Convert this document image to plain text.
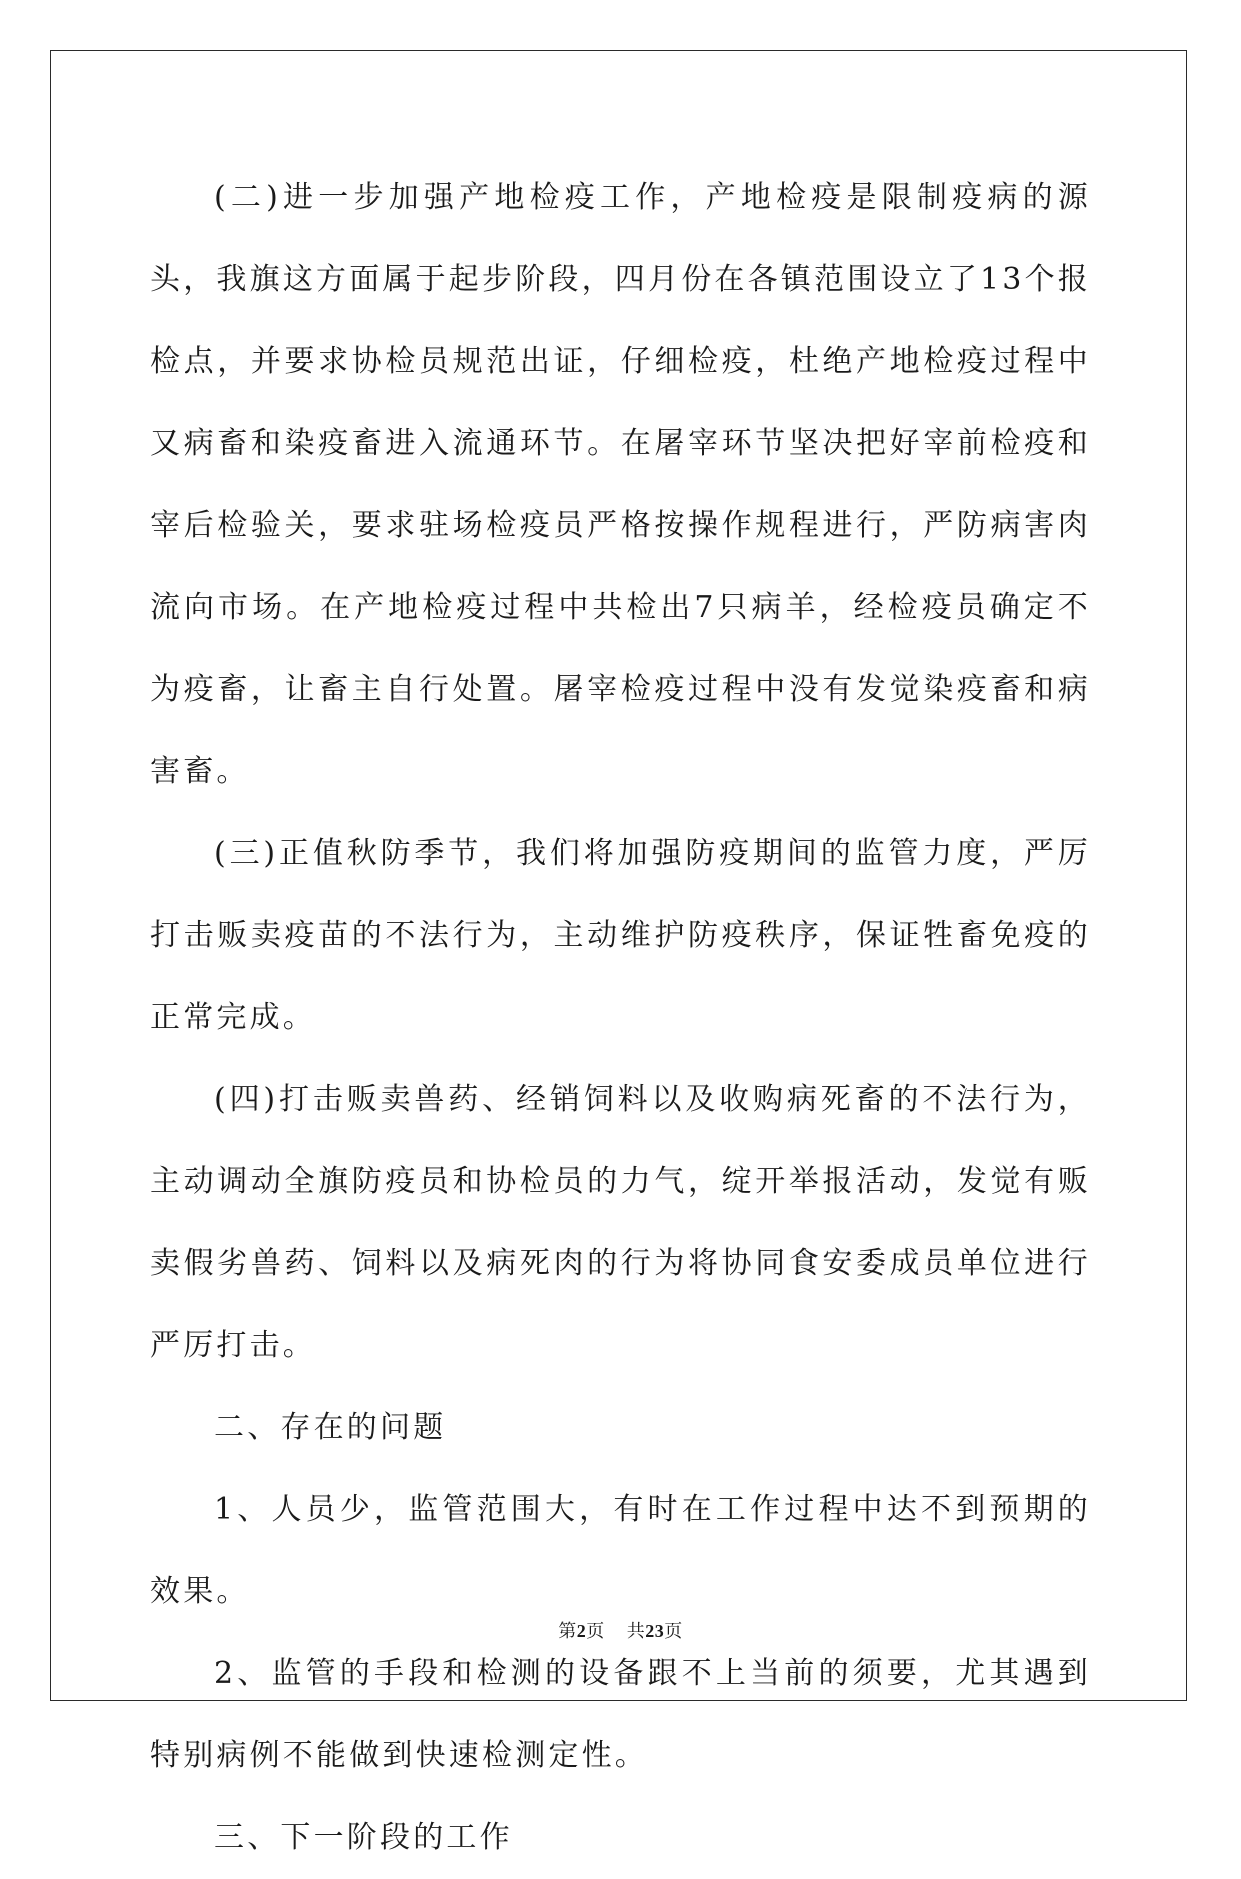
(二)进一步加强产地检疫工作，产地检疫是限制疫病的源头，我旗这方面属于起步阶段，四月份在各镇范围设立了13个报检点，并要求协检员规范出证，仔细检疫，杜绝产地检疫过程中又病畜和染疫畜进入流通环节。在屠宰环节坚决把好宰前检疫和宰后检验关，要求驻场检疫员严格按操作规程进行，严防病害肉流向市场。在产地检疫过程中共检出7只病羊，经检疫员确定不为疫畜，让畜主自行处置。屠宰检疫过程中没有发觉染疫畜和病害畜。

(三)正值秋防季节，我们将加强防疫期间的监管力度，严厉打击贩卖疫苗的不法行为，主动维护防疫秩序，保证牲畜免疫的正常完成。

(四)打击贩卖兽药、经销饲料以及收购病死畜的不法行为，主动调动全旗防疫员和协检员的力气，绽开举报活动，发觉有贩卖假劣兽药、饲料以及病死肉的行为将协同食安委成员单位进行严厉打击。

二、存在的问题

1、人员少，监管范围大，有时在工作过程中达不到预期的效果。

2、监管的手段和检测的设备跟不上当前的须要，尤其遇到特别病例不能做到快速检测定性。

三、下一阶段的工作

第2页 共23页
